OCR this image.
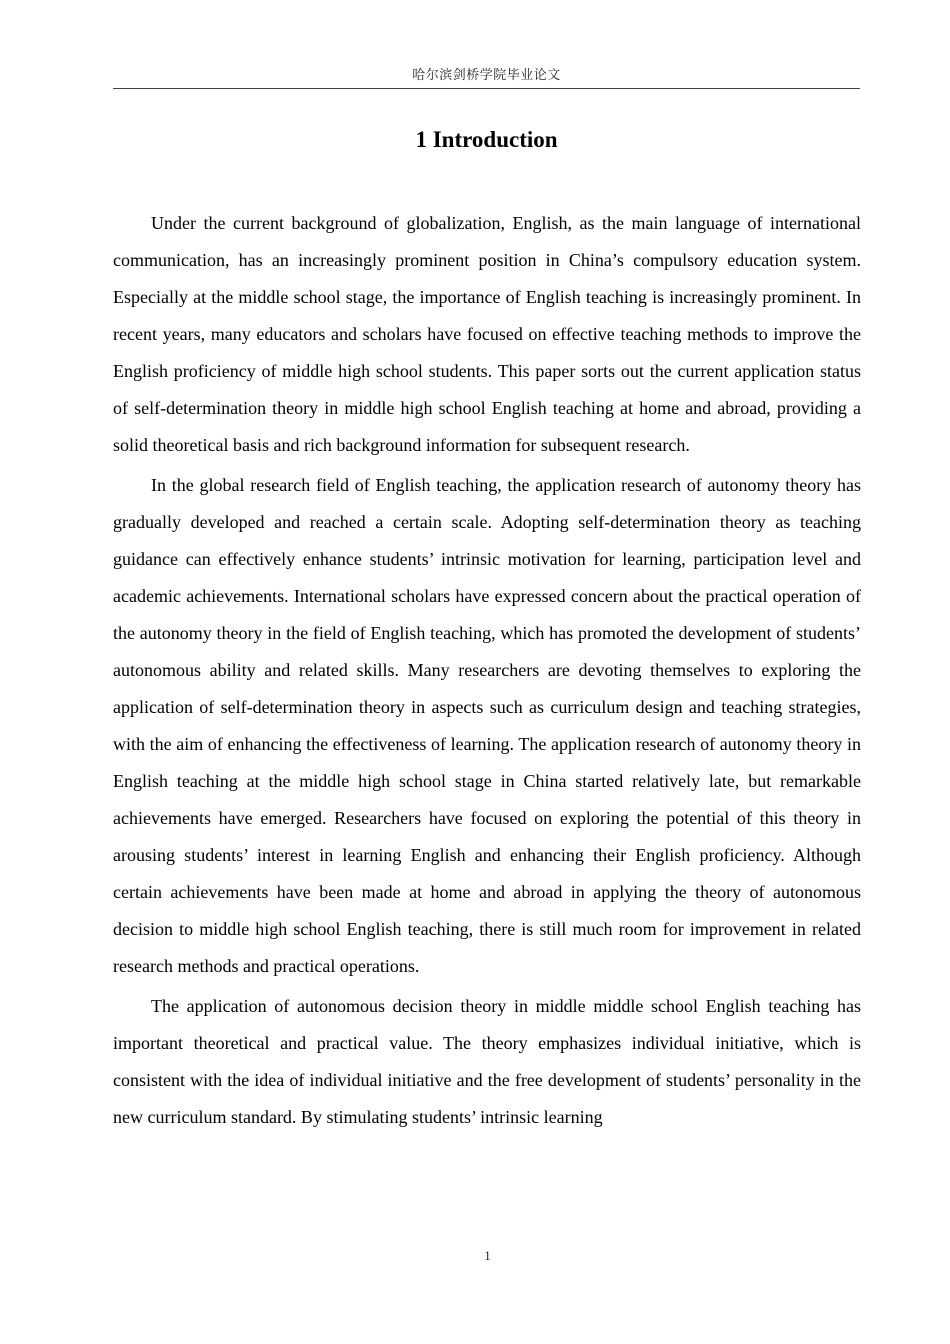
哈尔滨剑桥学院毕业论文
1 Introduction

Under the current background of globalization, English, as the main language of international communication, has an increasingly prominent position in China’s compulsory education system. Especially at the middle school stage, the importance of English teaching is increasingly prominent. In recent years, many educators and scholars have focused on effective teaching methods to improve the English proficiency of middle high school students. This paper sorts out the current application status of self-determination theory in middle high school English teaching at home and abroad, providing a solid theoretical basis and rich background information for subsequent research.

In the global research field of English teaching, the application research of autonomy theory has gradually developed and reached a certain scale. Adopting self-determination theory as teaching guidance can effectively enhance students’ intrinsic motivation for learning, participation level and academic achievements. International scholars have expressed concern about the practical operation of the autonomy theory in the field of English teaching, which has promoted the development of students’ autonomous ability and related skills. Many researchers are devoting themselves to exploring the application of self-determination theory in aspects such as curriculum design and teaching strategies, with the aim of enhancing the effectiveness of learning. The application research of autonomy theory in English teaching at the middle high school stage in China started relatively late, but remarkable achievements have emerged. Researchers have focused on exploring the potential of this theory in arousing students’ interest in learning English and enhancing their English proficiency. Although certain achievements have been made at home and abroad in applying the theory of autonomous decision to middle high school English teaching, there is still much room for improvement in related research methods and practical operations.

The application of autonomous decision theory in middle middle school English teaching has important theoretical and practical value. The theory emphasizes individual initiative, which is consistent with the idea of individual initiative and the free development of students’ personality in the new curriculum standard. By stimulating students’ intrinsic learning

1
